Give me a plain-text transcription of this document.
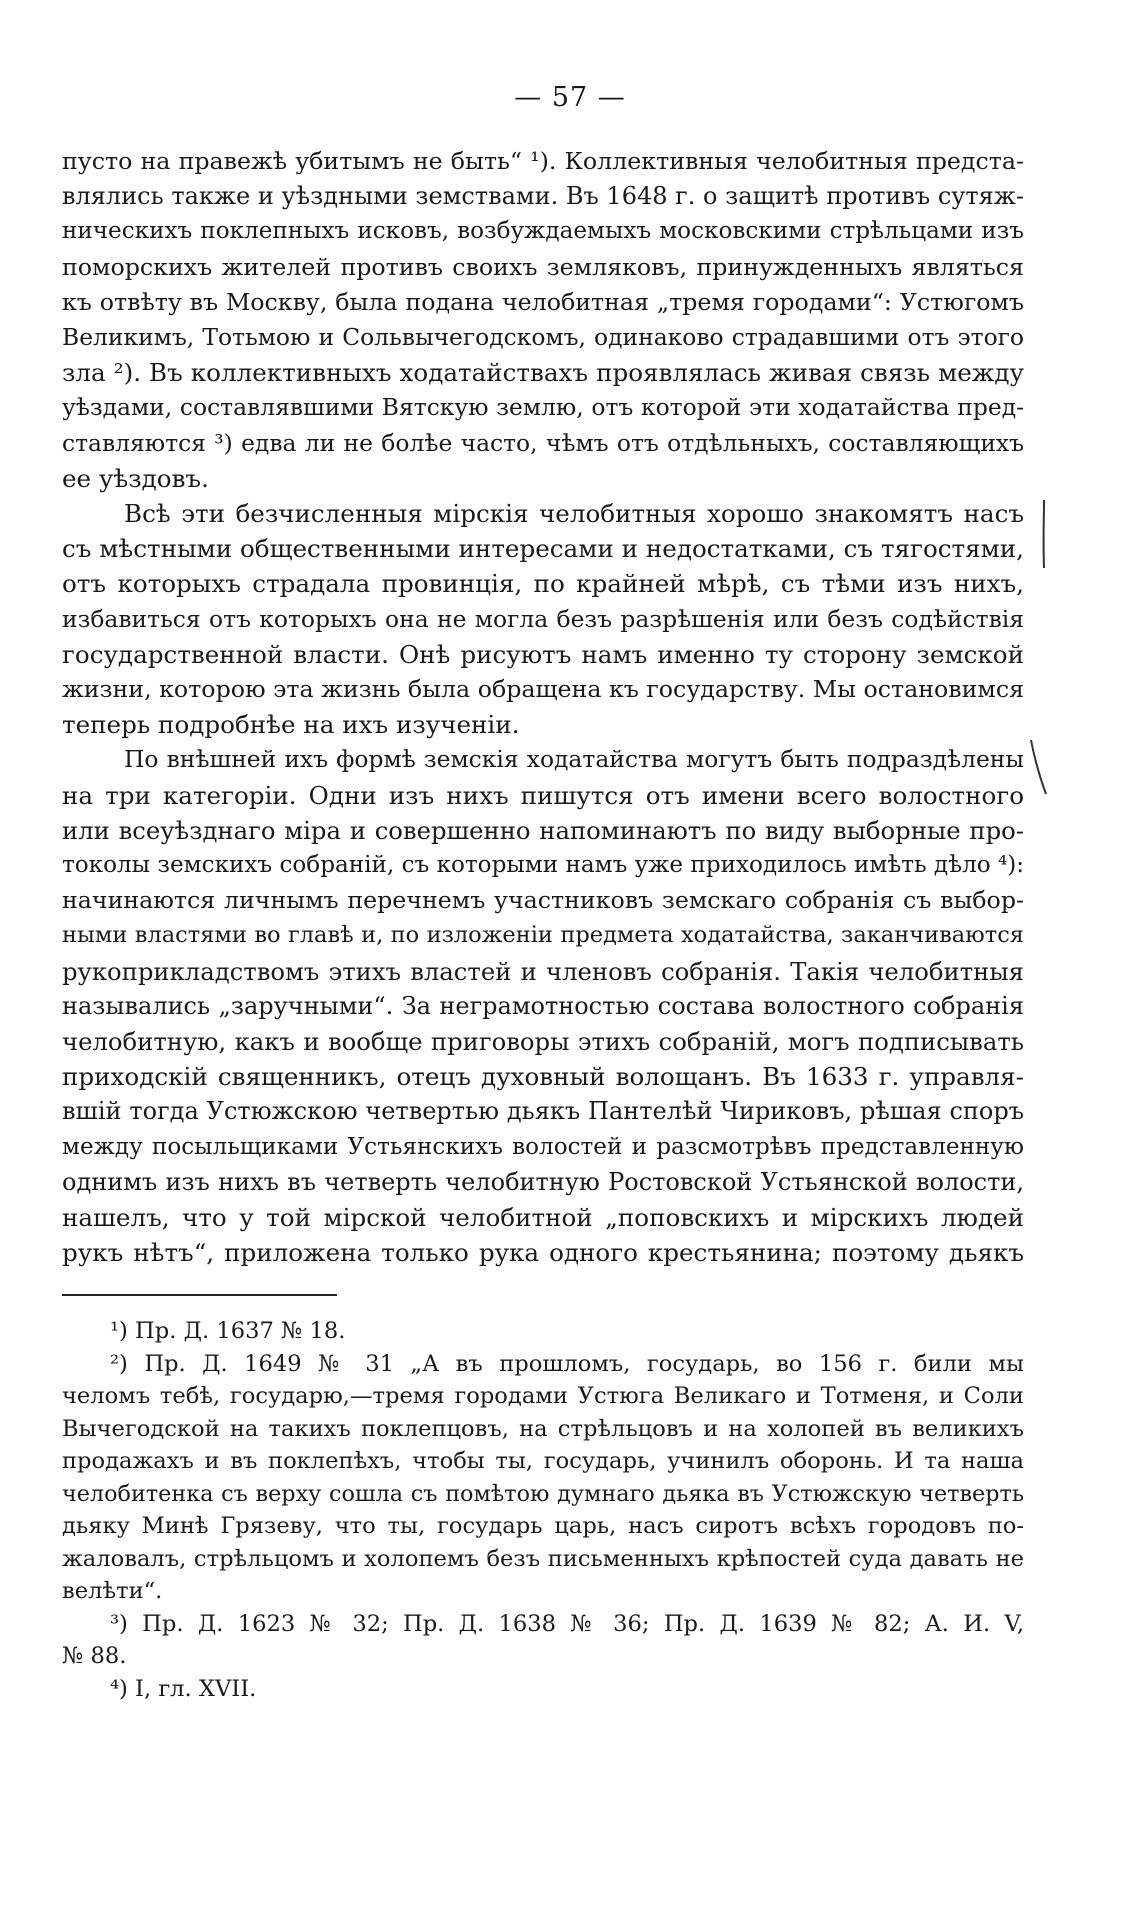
— 57 —

пусто на правежѣ убитымъ не быть“ ¹). Коллективныя челобитныя предста-
влялись также и уѣздными земствами. Въ 1648 г. о защитѣ противъ сутяж-
ническихъ поклепныхъ исковъ, возбуждаемыхъ московскими стрѣльцами изъ
поморскихъ жителей противъ своихъ земляковъ, принужденныхъ являться
къ отвѣту въ Москву, была подана челобитная „тремя городами“: Устюгомъ
Великимъ, Тотьмою и Сольвычегодскомъ, одинаково страдавшими отъ этого
зла ²). Въ коллективныхъ ходатайствахъ проявлялась живая связь между
уѣздами, составлявшими Вятскую землю, отъ которой эти ходатайства пред-
ставляются ³) едва ли не болѣе часто, чѣмъ отъ отдѣльныхъ, составляющихъ
ее уѣздовъ.

Всѣ эти безчисленныя мірскія челобитныя хорошо знакомятъ насъ
съ мѣстными общественными интересами и недостатками, съ тягостями,
отъ которыхъ страдала провинція, по крайней мѣрѣ, съ тѣми изъ нихъ,
избавиться отъ которыхъ она не могла безъ разрѣшенія или безъ содѣйствія
государственной власти. Онѣ рисуютъ намъ именно ту сторону земской
жизни, которою эта жизнь была обращена къ государству. Мы остановимся
теперь подробнѣе на ихъ изученіи.

По внѣшней ихъ формѣ земскія ходатайства могутъ быть подраздѣлены
на три категоріи. Одни изъ нихъ пишутся отъ имени всего волостного
или всеуѣзднаго міра и совершенно напоминаютъ по виду выборные про-
токолы земскихъ собраній, съ которыми намъ уже приходилось имѣть дѣло ⁴):
начинаются личнымъ перечнемъ участниковъ земскаго собранія съ выбор-
ными властями во главѣ и, по изложеніи предмета ходатайства, заканчиваются
рукоприкладствомъ этихъ властей и членовъ собранія. Такія челобитныя
назывались „заручными“. За неграмотностью состава волостного собранія
челобитную, какъ и вообще приговоры этихъ собраній, могъ подписывать
приходскій священникъ, отецъ духовный волощанъ. Въ 1633 г. управля-
вшій тогда Устюжскою четвертью дьякъ Пантелѣй Чириковъ, рѣшая споръ
между посыльщиками Устьянскихъ волостей и разсмотрѣвъ представленную
однимъ изъ нихъ въ четверть челобитную Ростовской Устьянской волости,
нашелъ, что у той мірской челобитной „поповскихъ и мірскихъ людей
рукъ нѣтъ“, приложена только рука одного крестьянина; поэтому дьякъ

¹) Пр. Д. 1637 № 18.
²) Пр. Д. 1649 № 31 „А въ прошломъ, государь, во 156 г. били мы
челомъ тебѣ, государю,—тремя городами Устюга Великаго и Тотменя, и Соли
Вычегодской на такихъ поклепцовъ, на стрѣльцовъ и на холопей въ великихъ
продажахъ и въ поклепѣхъ, чтобы ты, государь, учинилъ оборонь. И та наша
челобитенка съ верху сошла съ помѣтою думнаго дьяка въ Устюжскую четверть
дьяку Минѣ Грязеву, что ты, государь царь, насъ сиротъ всѣхъ городовъ по-
жаловалъ, стрѣльцомъ и холопемъ безъ письменныхъ крѣпостей суда давать не
велѣти“.
³) Пр. Д. 1623 № 32; Пр. Д. 1638 № 36; Пр. Д. 1639 № 82; А. И. V,
№ 88.
⁴) I, гл. XVII.
